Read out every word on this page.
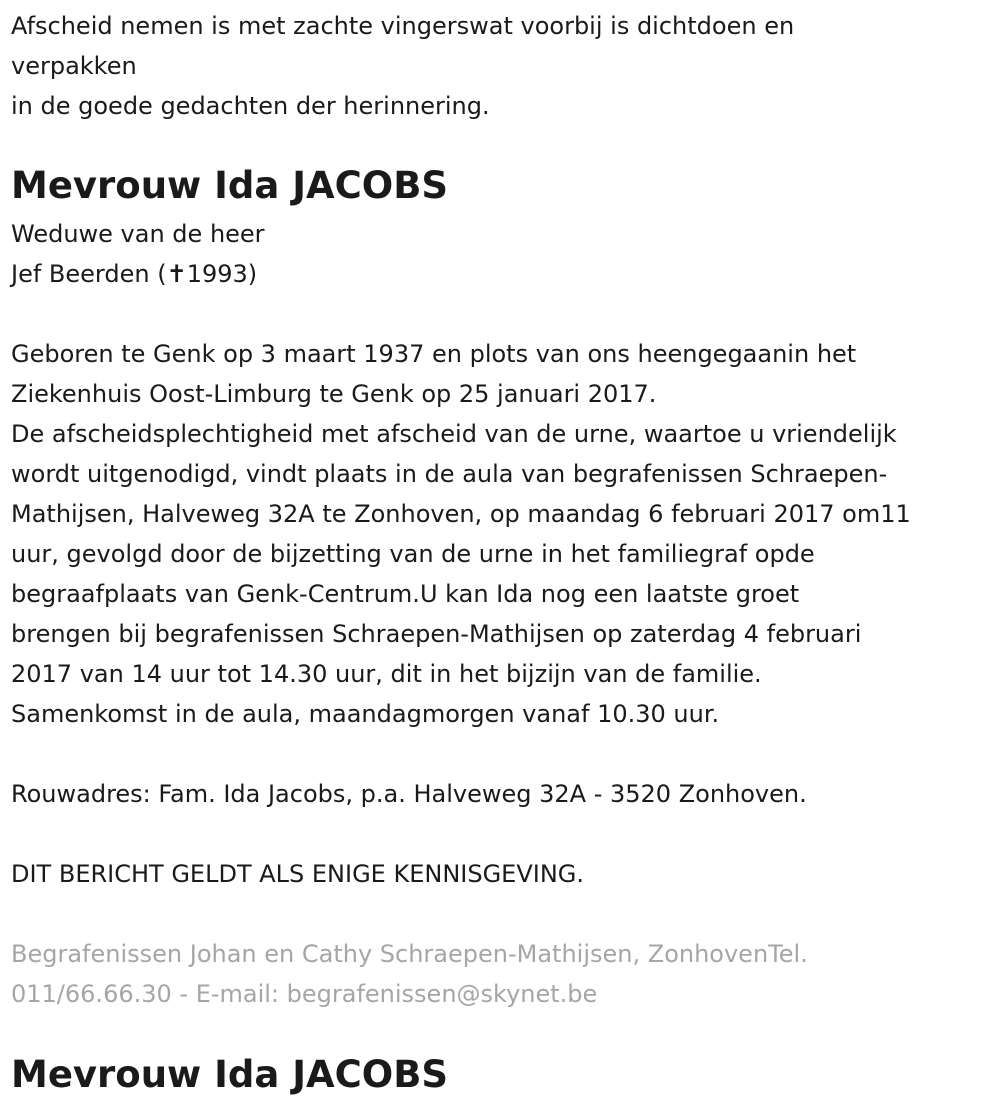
Afscheid nemen is met zachte vingerswat voorbij is dichtdoen en
verpakken
in de goede gedachten der herinnering.

Mevrouw Ida JACOBS

Weduwe van de heer
Jef Beerden (✝1993)

Geboren te Genk op 3 maart 1937 en plots van ons heengegaanin het
Ziekenhuis Oost-Limburg te Genk op 25 januari 2017.
De afscheidsplechtigheid met afscheid van de urne, waartoe u vriendelijk
wordt uitgenodigd, vindt plaats in de aula van begrafenissen Schraepen-
Mathijsen, Halveweg 32A te Zonhoven, op maandag 6 februari 2017 om11
uur, gevolgd door de bijzetting van de urne in het familiegraf opde
begraafplaats van Genk-Centrum.U kan Ida nog een laatste groet
brengen bij begrafenissen Schraepen-Mathijsen op zaterdag 4 februari
2017 van 14 uur tot 14.30 uur, dit in het bijzijn van de familie.
Samenkomst in de aula, maandagmorgen vanaf 10.30 uur.

Rouwadres: Fam. Ida Jacobs, p.a. Halveweg 32A - 3520 Zonhoven.

DIT BERICHT GELDT ALS ENIGE KENNISGEVING.

Begrafenissen Johan en Cathy Schraepen-Mathijsen, ZonhovenTel.
011/66.66.30 - E-mail: begrafenissen@skynet.be

Mevrouw Ida JACOBS
